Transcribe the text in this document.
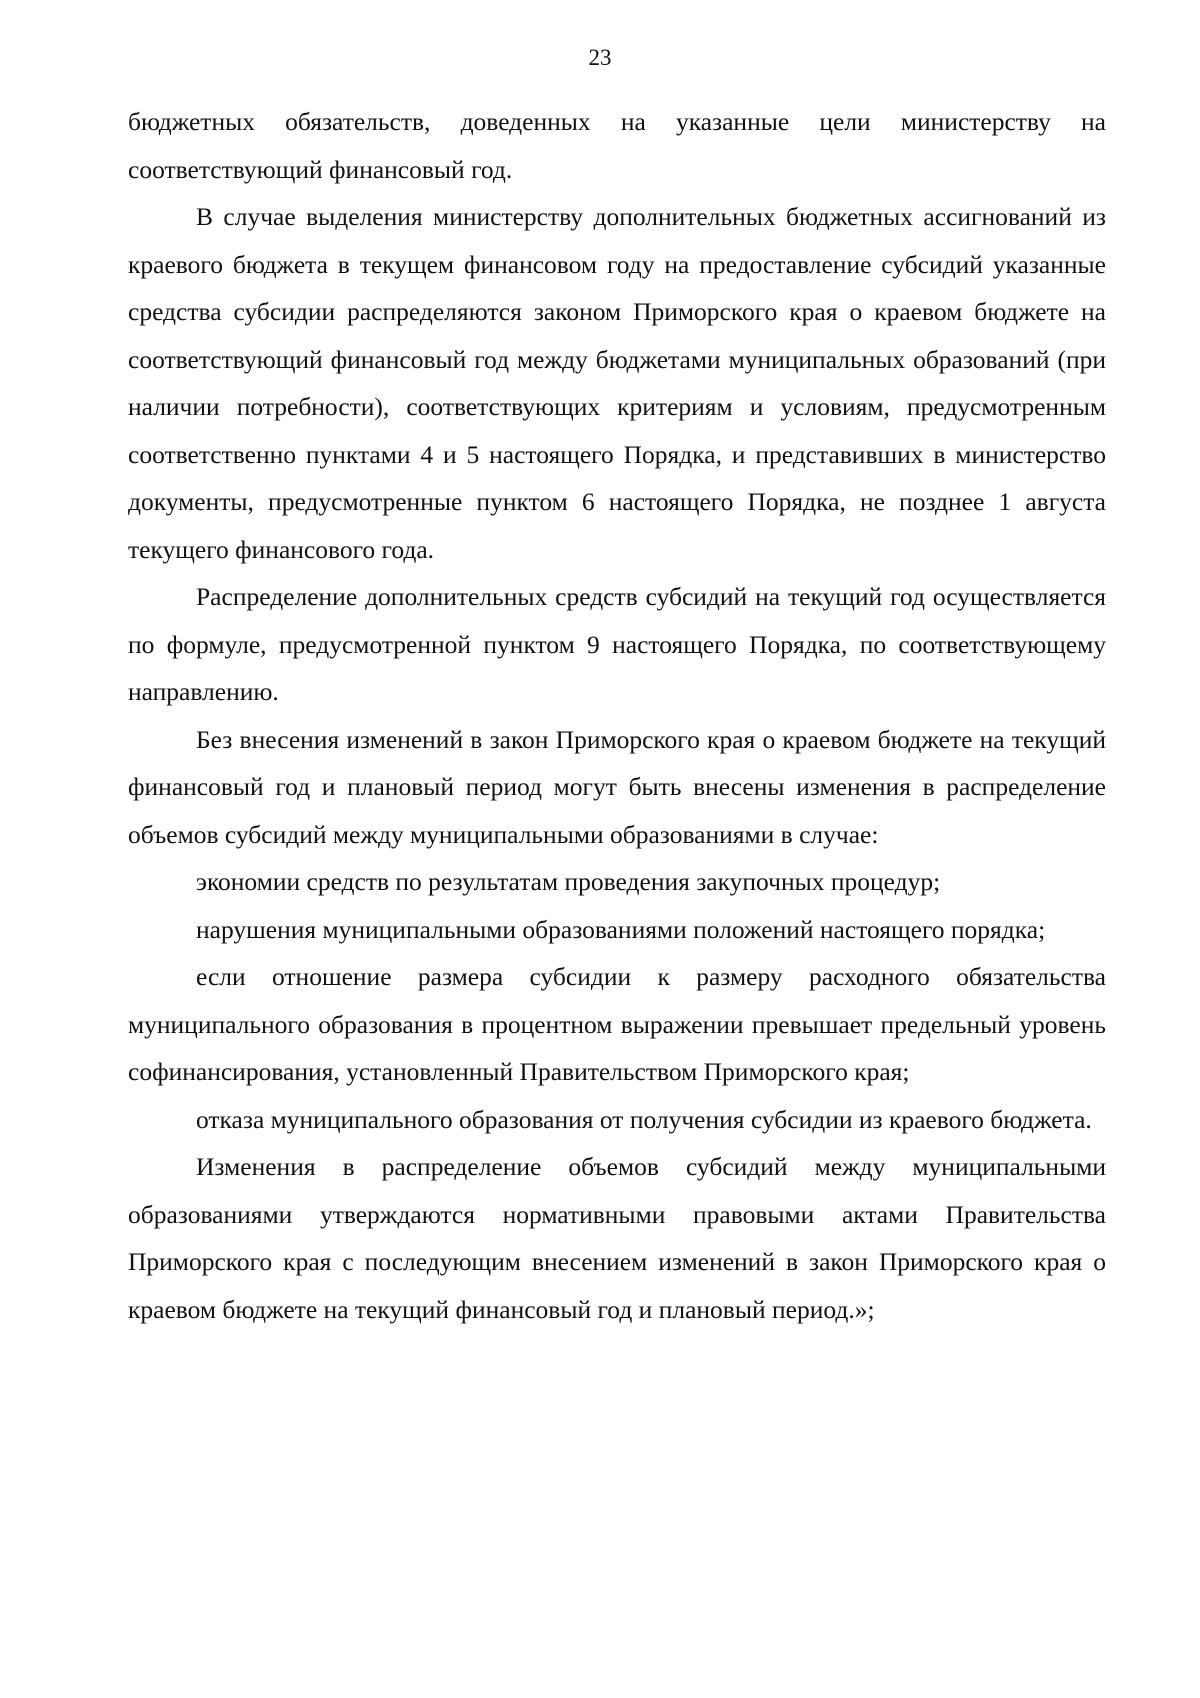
23

бюджетных обязательств, доведенных на указанные цели министерству на соответствующий финансовый год.

В случае выделения министерству дополнительных бюджетных ассигнований из краевого бюджета в текущем финансовом году на предоставление субсидий указанные средства субсидии распределяются законом Приморского края о краевом бюджете на соответствующий финансовый год между бюджетами муниципальных образований (при наличии потребности), соответствующих критериям и условиям, предусмотренным соответственно пунктами 4 и 5 настоящего Порядка, и представивших в министерство документы, предусмотренные пунктом 6 настоящего Порядка, не позднее 1 августа текущего финансового года.

Распределение дополнительных средств субсидий на текущий год осуществляется по формуле, предусмотренной пунктом 9 настоящего Порядка, по соответствующему направлению.

Без внесения изменений в закон Приморского края о краевом бюджете на текущий финансовый год и плановый период могут быть внесены изменения в распределение объемов субсидий между муниципальными образованиями в случае:

экономии средств по результатам проведения закупочных процедур;

нарушения муниципальными образованиями положений настоящего порядка;

если отношение размера субсидии к размеру расходного обязательства муниципального образования в процентном выражении превышает предельный уровень софинансирования, установленный Правительством Приморского края;

отказа муниципального образования от получения субсидии из краевого бюджета.

Изменения в распределение объемов субсидий между муниципальными образованиями утверждаются нормативными правовыми актами Правительства Приморского края с последующим внесением изменений в закон Приморского края о краевом бюджете на текущий финансовый год и плановый период.»;
